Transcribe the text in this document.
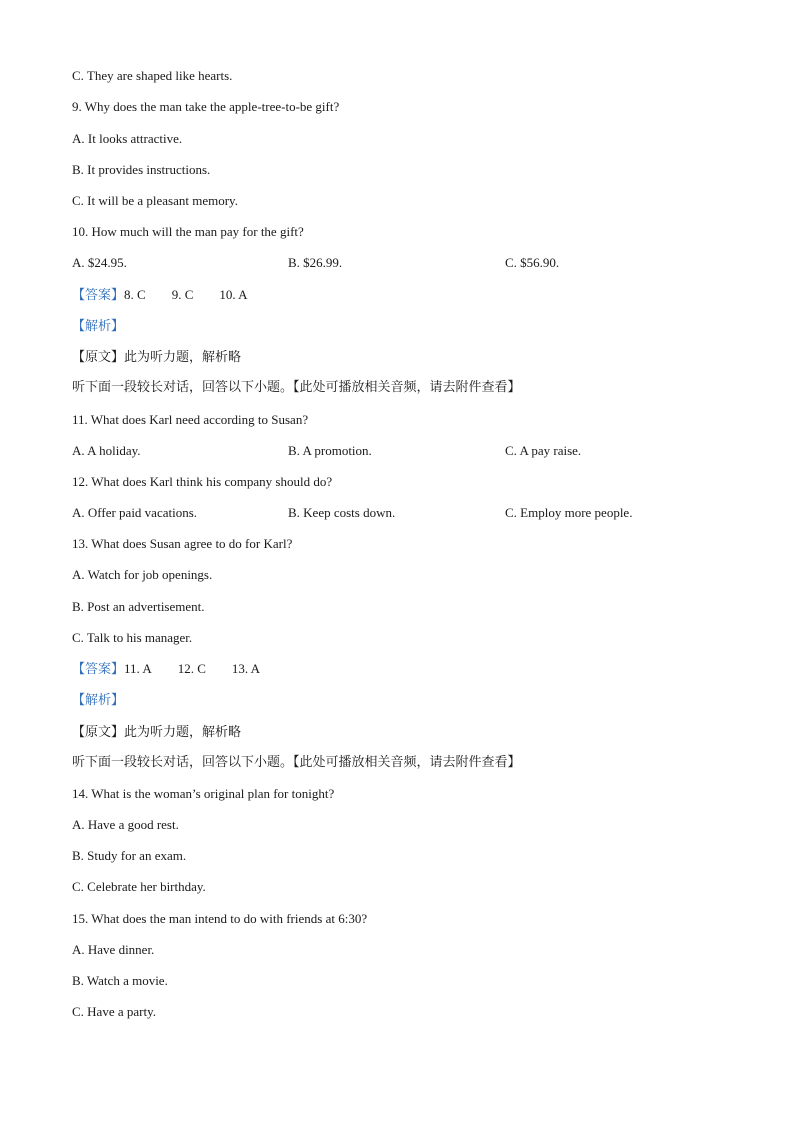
C. They are shaped like hearts.
9. Why does the man take the apple-tree-to-be gift?
A. It looks attractive.
B. It provides instructions.
C. It will be a pleasant memory.
10. How much will the man pay for the gift?
A. $24.95.	B. $26.99.	C. $56.90.
【答案】8. C 9. C 10. A
【解析】
【原文】此为听力题，解析略
听下面一段较长对话，回答以下小题。【此处可播放相关音频，请去附件查看】
11. What does Karl need according to Susan?
A. A holiday.	B. A promotion.	C. A pay raise.
12. What does Karl think his company should do?
A. Offer paid vacations.	B. Keep costs down.	C. Employ more people.
13. What does Susan agree to do for Karl?
A. Watch for job openings.
B. Post an advertisement.
C. Talk to his manager.
【答案】11. A 12. C 13. A
【解析】
【原文】此为听力题，解析略
听下面一段较长对话，回答以下小题。【此处可播放相关音频，请去附件查看】
14. What is the woman’s original plan for tonight?
A. Have a good rest.
B. Study for an exam.
C. Celebrate her birthday.
15. What does the man intend to do with friends at 6:30?
A. Have dinner.
B. Watch a movie.
C. Have a party.
